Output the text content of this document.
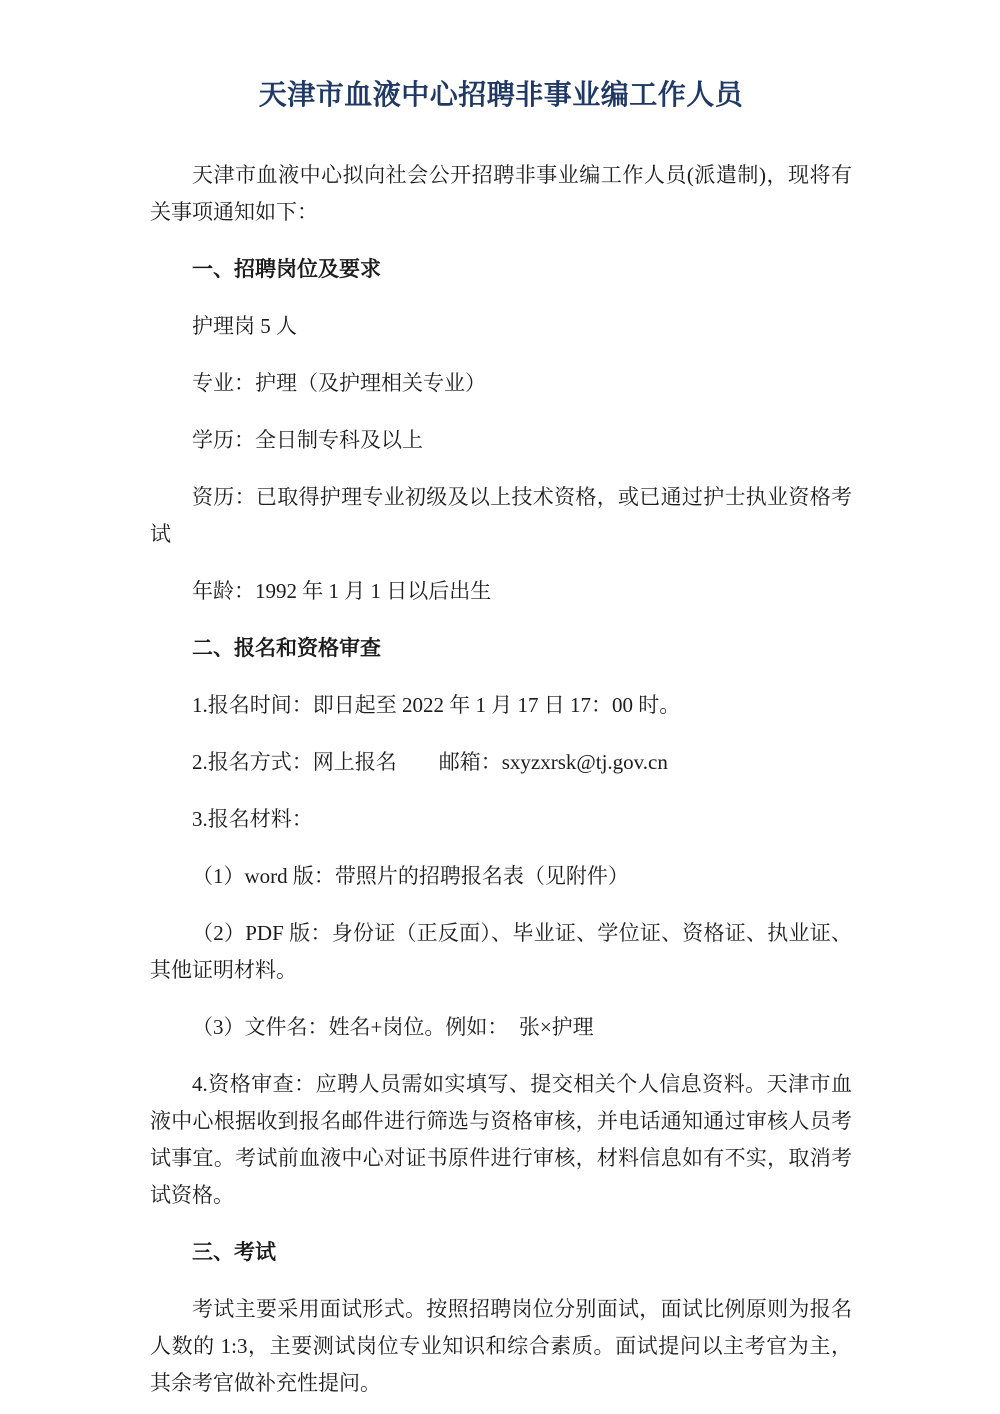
天津市血液中心招聘非事业编工作人员

天津市血液中心拟向社会公开招聘非事业编工作人员(派遣制)，现将有关事项通知如下：

一、招聘岗位及要求

护理岗 5 人

专业：护理（及护理相关专业）

学历：全日制专科及以上

资历：已取得护理专业初级及以上技术资格，或已通过护士执业资格考试

年龄：1992 年 1 月 1 日以后出生

二、报名和资格审查

1.报名时间：即日起至 2022 年 1 月 17 日 17：00 时。

2.报名方式：网上报名　　邮箱：sxyzxrsk@tj.gov.cn

3.报名材料：

（1）word 版：带照片的招聘报名表（见附件）

（2）PDF 版：身份证（正反面）、毕业证、学位证、资格证、执业证、其他证明材料。

（3）文件名：姓名+岗位。例如：　张×护理

4.资格审查：应聘人员需如实填写、提交相关个人信息资料。天津市血液中心根据收到报名邮件进行筛选与资格审核，并电话通知通过审核人员考试事宜。考试前血液中心对证书原件进行审核，材料信息如有不实，取消考试资格。

三、考试

考试主要采用面试形式。按照招聘岗位分别面试，面试比例原则为报名人数的 1:3，主要测试岗位专业知识和综合素质。面试提问以主考官为主，其余考官做补充性提问。
